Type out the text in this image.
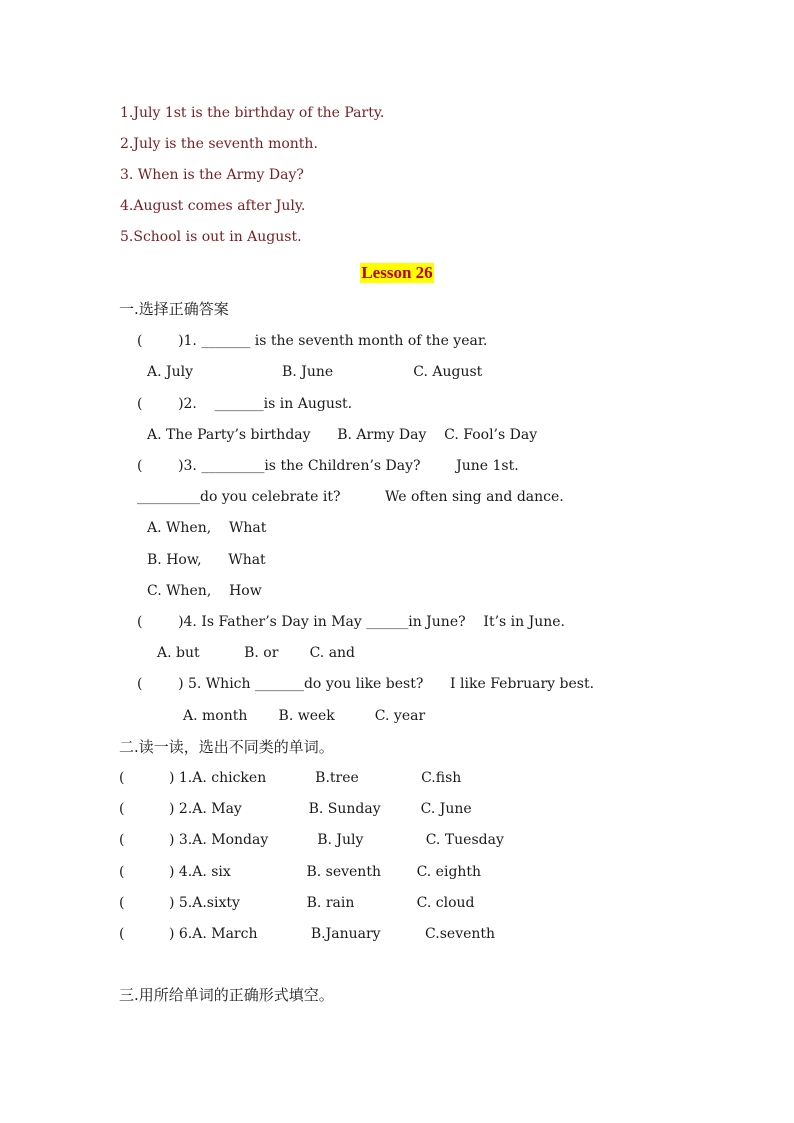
1.July 1st is the birthday of the Party.
2.July is the seventh month.
3. When is the Army Day?
4.August comes after July.
5.School is out in August.
Lesson 26
一.选择正确答案
(        )1. _______ is the seventh month of the year.
A. July                    B. June                  C. August
(        )2.    _______is in August.
A. The Party’s birthday      B. Army Day    C. Fool’s Day
(        )3. _________is the Children’s Day?        June 1st.
_________do you celebrate it?          We often sing and dance.
A. When,    What
B. How,      What
C. When,    How
(        )4. Is Father’s Day in May ______in June?    It’s in June.
A. but          B. or       C. and
(        ) 5. Which _______do you like best?      I like February best.
A. month       B. week         C. year
二.读一读，选出不同类的单词。
(          ) 1.A. chicken           B.tree              C.fish
(          ) 2.A. May               B. Sunday         C. June
(          ) 3.A. Monday           B. July              C. Tuesday
(          ) 4.A. six                 B. seventh        C. eighth
(          ) 5.A.sixty               B. rain              C. cloud
(          ) 6.A. March            B.January          C.seventh
三.用所给单词的正确形式填空。
